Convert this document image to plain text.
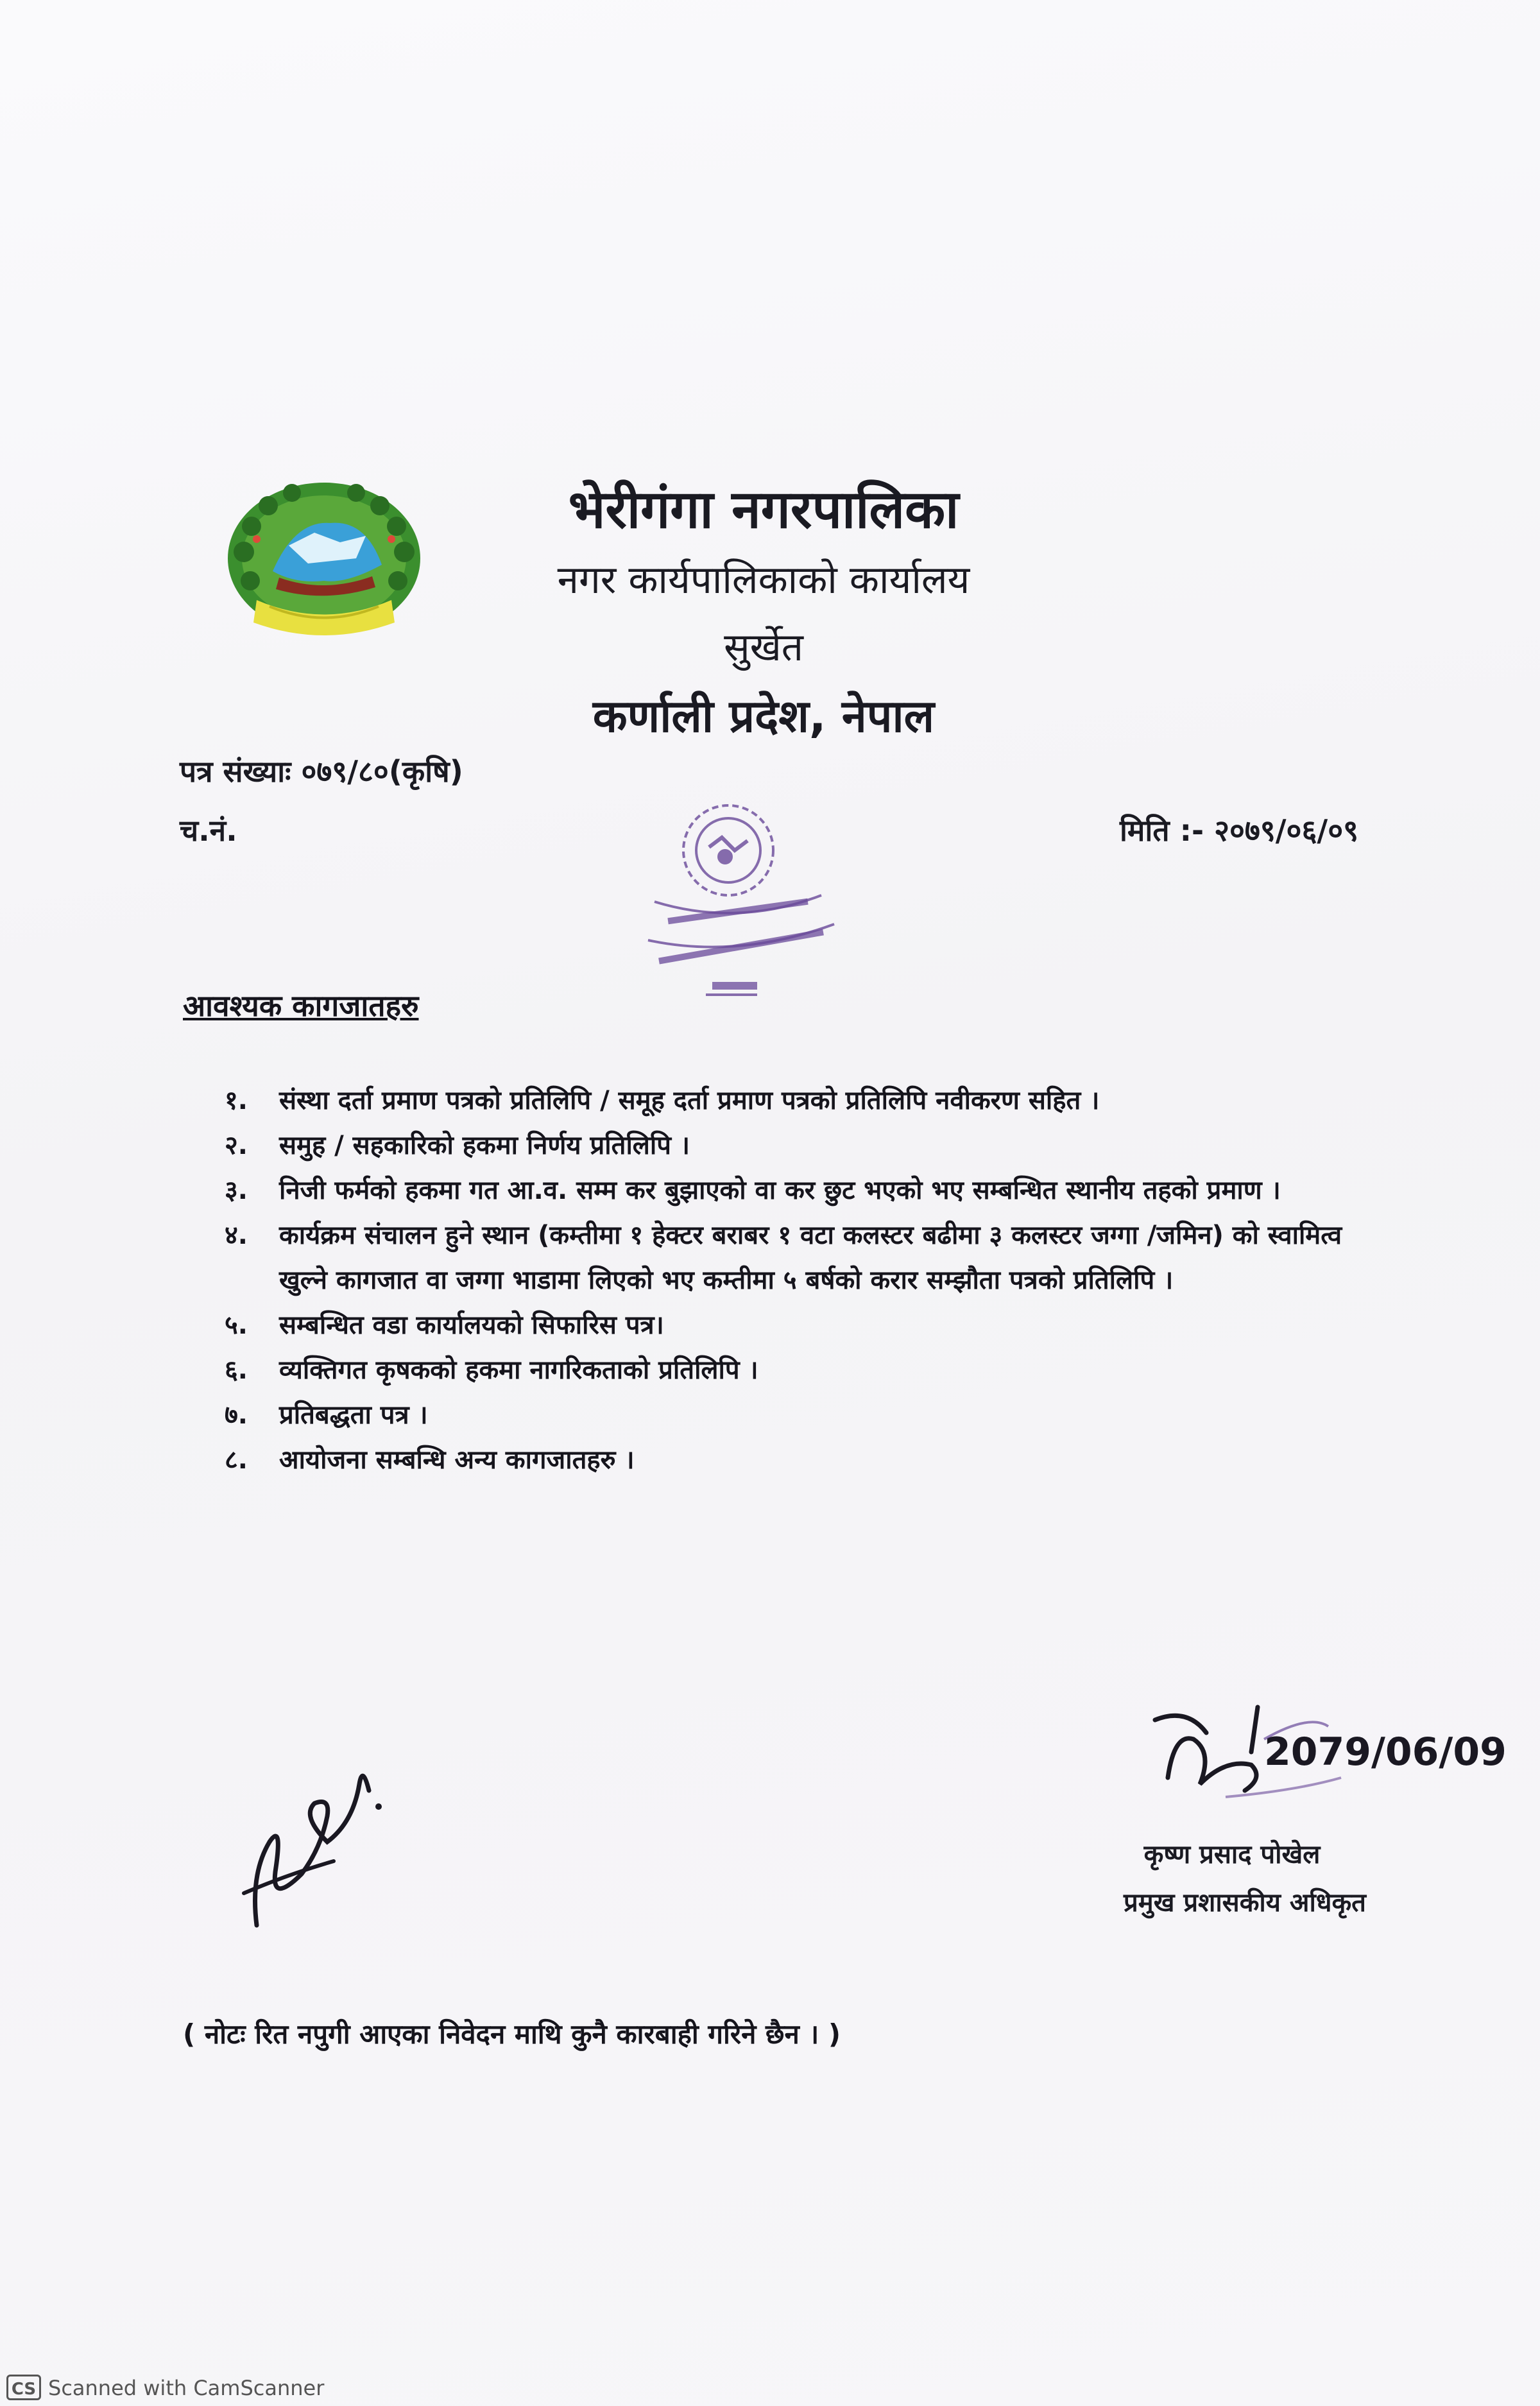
भेरीगंगा नगरपालिका
नगर कार्यपालिकाको कार्यालय
सुर्खेत
कर्णाली प्रदेश, नेपाल
पत्र संख्याः ०७९/८०(कृषि)
च.नं.	मिति :- २०७९/०६/०९
आवश्यक कागजातहरु
१.	संस्था दर्ता प्रमाण पत्रको प्रतिलिपि / समूह दर्ता प्रमाण पत्रको प्रतिलिपि नवीकरण सहित ।
२.	समुह / सहकारिको हकमा निर्णय प्रतिलिपि ।
३.	निजी फर्मको हकमा गत आ.व. सम्म कर बुझाएको वा कर छुट भएको भए सम्बन्धित स्थानीय तहको प्रमाण ।
४.	कार्यक्रम संचालन हुने स्थान (कम्तीमा १ हेक्टर बराबर १ वटा कलस्टर बढीमा ३ कलस्टर जग्गा /जमिन) को स्वामित्व खुल्ने कागजात वा जग्गा भाडामा लिएको भए कम्तीमा ५ बर्षको करार सम्झौता पत्रको प्रतिलिपि ।
५.	सम्बन्धित वडा कार्यालयको सिफारिस पत्र।
६.	व्यक्तिगत कृषकको हकमा नागरिकताको प्रतिलिपि ।
७.	प्रतिबद्धता पत्र ।
८.	आयोजना सम्बन्धि अन्य कागजातहरु ।
2079/06/09
कृष्ण प्रसाद पोखेल
प्रमुख प्रशासकीय अधिकृत
( नोटः रित नपुगी आएका निवेदन माथि कुनै कारबाही गरिने छैन । )
CS Scanned with CamScanner
